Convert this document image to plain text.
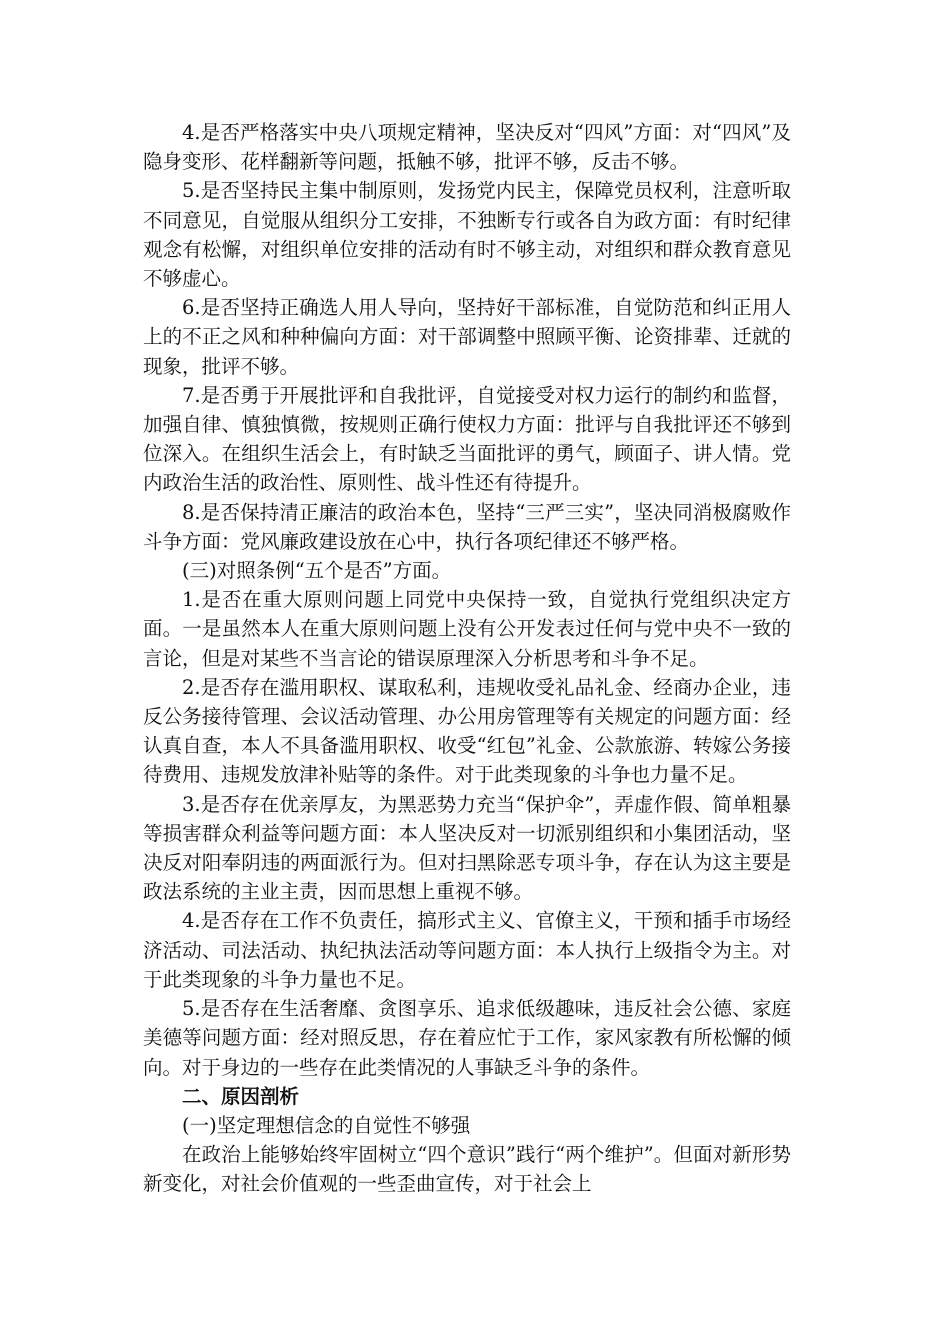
4.是否严格落实中央八项规定精神，坚决反对“四风”方面：对“四风”及隐身变形、花样翻新等问题，抵触不够，批评不够，反击不够。

5.是否坚持民主集中制原则，发扬党内民主，保障党员权利，注意听取不同意见，自觉服从组织分工安排，不独断专行或各自为政方面：有时纪律观念有松懈，对组织单位安排的活动有时不够主动，对组织和群众教育意见不够虚心。

6.是否坚持正确选人用人导向，坚持好干部标准，自觉防范和纠正用人上的不正之风和种种偏向方面：对干部调整中照顾平衡、论资排辈、迁就的现象，批评不够。

7.是否勇于开展批评和自我批评，自觉接受对权力运行的制约和监督，加强自律、慎独慎微，按规则正确行使权力方面：批评与自我批评还不够到位深入。在组织生活会上，有时缺乏当面批评的勇气，顾面子、讲人情。党内政治生活的政治性、原则性、战斗性还有待提升。

8.是否保持清正廉洁的政治本色，坚持“三严三实”，坚决同消极腐败作斗争方面：党风廉政建设放在心中，执行各项纪律还不够严格。

(三)对照条例“五个是否”方面。

1.是否在重大原则问题上同党中央保持一致，自觉执行党组织决定方面。一是虽然本人在重大原则问题上没有公开发表过任何与党中央不一致的言论，但是对某些不当言论的错误原理深入分析思考和斗争不足。

2.是否存在滥用职权、谋取私利，违规收受礼品礼金、经商办企业，违反公务接待管理、会议活动管理、办公用房管理等有关规定的问题方面：经认真自查，本人不具备滥用职权、收受“红包”礼金、公款旅游、转嫁公务接待费用、违规发放津补贴等的条件。对于此类现象的斗争也力量不足。

3.是否存在优亲厚友，为黑恶势力充当“保护伞”，弄虚作假、简单粗暴等损害群众利益等问题方面：本人坚决反对一切派别组织和小集团活动，坚决反对阳奉阴违的两面派行为。但对扫黑除恶专项斗争，存在认为这主要是政法系统的主业主责，因而思想上重视不够。

4.是否存在工作不负责任，搞形式主义、官僚主义，干预和插手市场经济活动、司法活动、执纪执法活动等问题方面：本人执行上级指令为主。对于此类现象的斗争力量也不足。

5.是否存在生活奢靡、贪图享乐、追求低级趣味，违反社会公德、家庭美德等问题方面：经对照反思，存在着应忙于工作，家风家教有所松懈的倾向。对于身边的一些存在此类情况的人事缺乏斗争的条件。

二、原因剖析

(一)坚定理想信念的自觉性不够强

在政治上能够始终牢固树立“四个意识”践行“两个维护”。但面对新形势新变化，对社会价值观的一些歪曲宣传，对于社会上
